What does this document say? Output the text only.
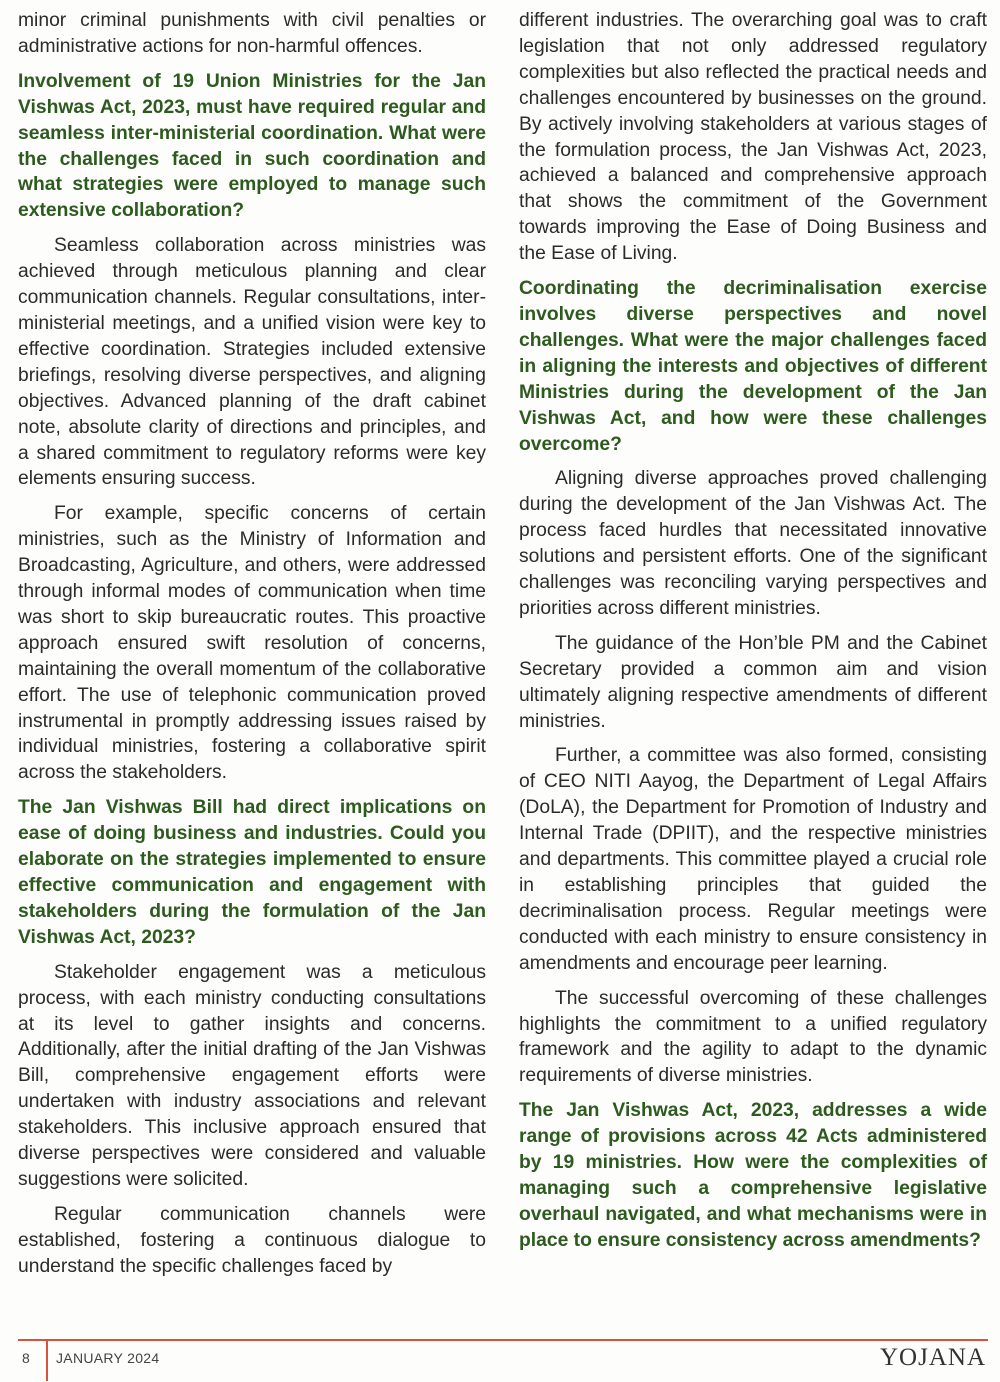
minor criminal punishments with civil penalties or administrative actions for non-harmful offences.

Involvement of 19 Union Ministries for the Jan Vishwas Act, 2023, must have required regular and seamless inter-ministerial coordination. What were the challenges faced in such coordination and what strategies were employed to manage such extensive collaboration?

Seamless collaboration across ministries was achieved through meticulous planning and clear communication channels. Regular consultations, inter-ministerial meetings, and a unified vision were key to effective coordination. Strategies included extensive briefings, resolving diverse perspectives, and aligning objectives. Advanced planning of the draft cabinet note, absolute clarity of directions and principles, and a shared commitment to regulatory reforms were key elements ensuring success.

For example, specific concerns of certain ministries, such as the Ministry of Information and Broadcasting, Agriculture, and others, were addressed through informal modes of communication when time was short to skip bureaucratic routes. This proactive approach ensured swift resolution of concerns, maintaining the overall momentum of the collaborative effort. The use of telephonic communication proved instrumental in promptly addressing issues raised by individual ministries, fostering a collaborative spirit across the stakeholders.

The Jan Vishwas Bill had direct implications on ease of doing business and industries. Could you elaborate on the strategies implemented to ensure effective communication and engagement with stakeholders during the formulation of the Jan Vishwas Act, 2023?

Stakeholder engagement was a meticulous process, with each ministry conducting consultations at its level to gather insights and concerns. Additionally, after the initial drafting of the Jan Vishwas Bill, comprehensive engagement efforts were undertaken with industry associations and relevant stakeholders. This inclusive approach ensured that diverse perspectives were considered and valuable suggestions were solicited.

Regular communication channels were established, fostering a continuous dialogue to understand the specific challenges faced by

different industries. The overarching goal was to craft legislation that not only addressed regulatory complexities but also reflected the practical needs and challenges encountered by businesses on the ground. By actively involving stakeholders at various stages of the formulation process, the Jan Vishwas Act, 2023, achieved a balanced and comprehensive approach that shows the commitment of the Government towards improving the Ease of Doing Business and the Ease of Living.

Coordinating the decriminalisation exercise involves diverse perspectives and novel challenges. What were the major challenges faced in aligning the interests and objectives of different Ministries during the development of the Jan Vishwas Act, and how were these challenges overcome?

Aligning diverse approaches proved challenging during the development of the Jan Vishwas Act. The process faced hurdles that necessitated innovative solutions and persistent efforts. One of the significant challenges was reconciling varying perspectives and priorities across different ministries.

The guidance of the Hon’ble PM and the Cabinet Secretary provided a common aim and vision ultimately aligning respective amendments of different ministries.

Further, a committee was also formed, consisting of CEO NITI Aayog, the Department of Legal Affairs (DoLA), the Department for Promotion of Industry and Internal Trade (DPIIT), and the respective ministries and departments. This committee played a crucial role in establishing principles that guided the decriminalisation process. Regular meetings were conducted with each ministry to ensure consistency in amendments and encourage peer learning.

The successful overcoming of these challenges highlights the commitment to a unified regulatory framework and the agility to adapt to the dynamic requirements of diverse ministries.

The Jan Vishwas Act, 2023, addresses a wide range of provisions across 42 Acts administered by 19 ministries. How were the complexities of managing such a comprehensive legislative overhaul navigated, and what mechanisms were in place to ensure consistency across amendments?

8 JANUARY 2024	YOJANA
